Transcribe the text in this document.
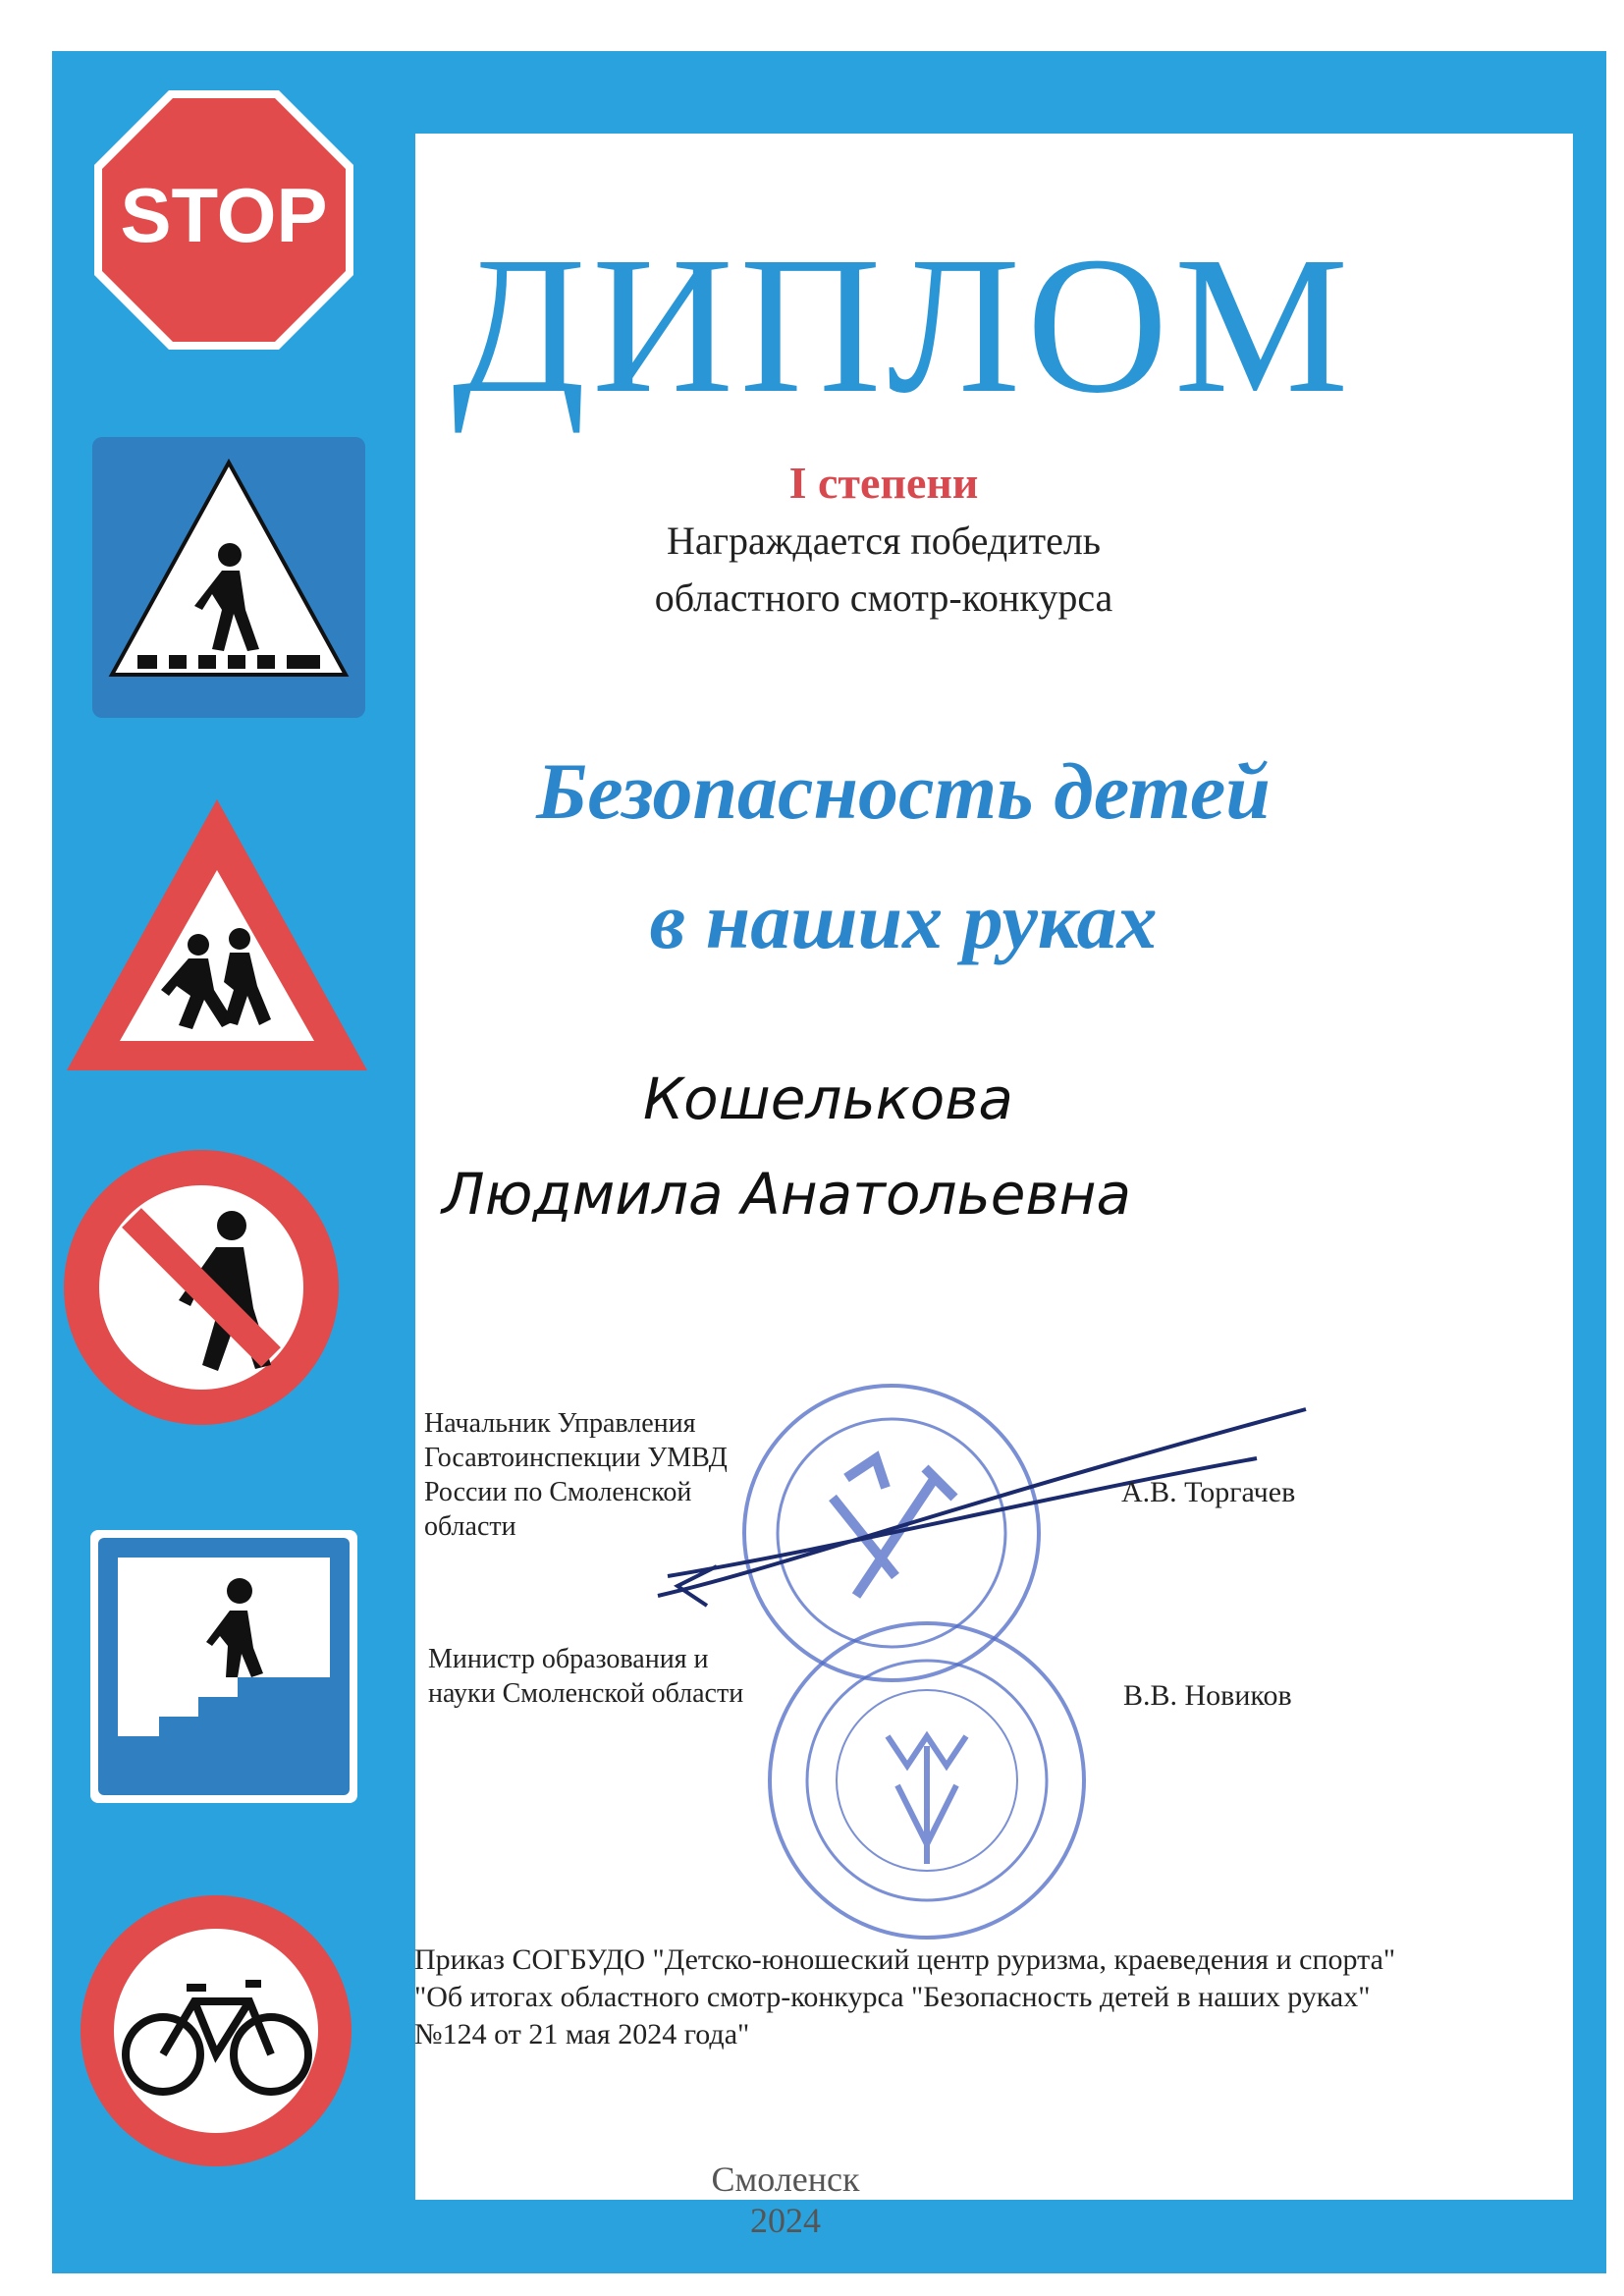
STOP
ДИПЛОМ
I степени
Награждается победитель
областного смотр-конкурса
Безопасность детей
в наших руках
Кошелькова
Людмила Анатольевна
Начальник Управления
Госавтоинспекции УМВД
России по Смоленской
области
А.В. Торгачев
Министр образования и
науки Смоленской области	В.В. Новиков
Приказ СОГБУДО "Детско-юношеский центр руризма, краеведения и спорта"
"Об итогах областного смотр-конкурса "Безопасность детей в наших руках"
№124 от 21 мая 2024 года"
Смоленск
2024
